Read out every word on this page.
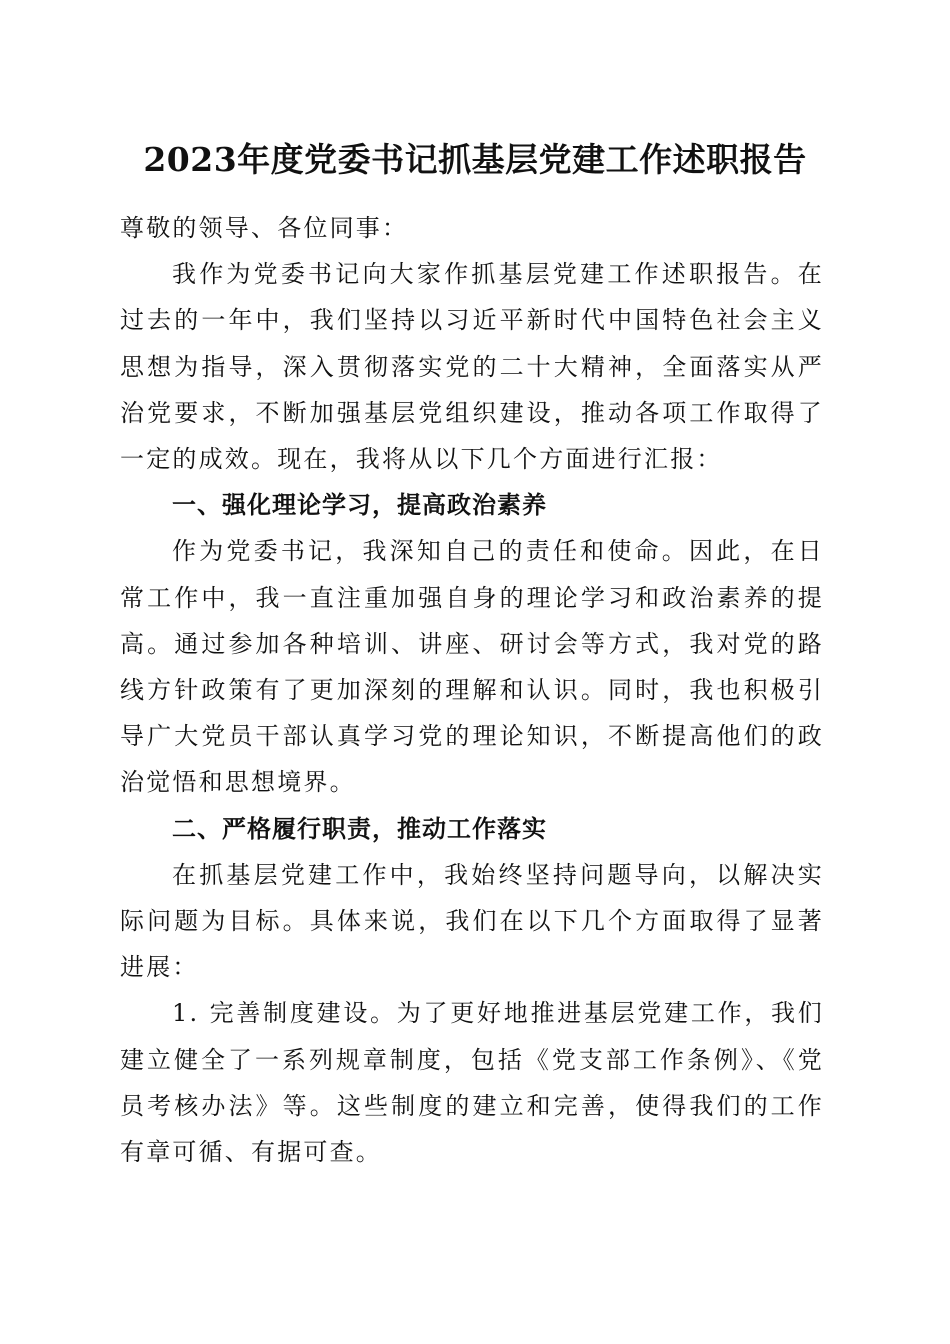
2023年度党委书记抓基层党建工作述职报告

尊敬的领导、各位同事：

我作为党委书记向大家作抓基层党建工作述职报告。在过去的一年中，我们坚持以习近平新时代中国特色社会主义思想为指导，深入贯彻落实党的二十大精神，全面落实从严治党要求，不断加强基层党组织建设，推动各项工作取得了一定的成效。现在，我将从以下几个方面进行汇报：

一、强化理论学习，提高政治素养

作为党委书记，我深知自己的责任和使命。因此，在日常工作中，我一直注重加强自身的理论学习和政治素养的提高。通过参加各种培训、讲座、研讨会等方式，我对党的路线方针政策有了更加深刻的理解和认识。同时，我也积极引导广大党员干部认真学习党的理论知识，不断提高他们的政治觉悟和思想境界。

二、严格履行职责，推动工作落实

在抓基层党建工作中，我始终坚持问题导向，以解决实际问题为目标。具体来说，我们在以下几个方面取得了显著进展：

1. 完善制度建设。为了更好地推进基层党建工作，我们建立健全了一系列规章制度，包括《党支部工作条例》、《党员考核办法》等。这些制度的建立和完善，使得我们的工作有章可循、有据可查。
